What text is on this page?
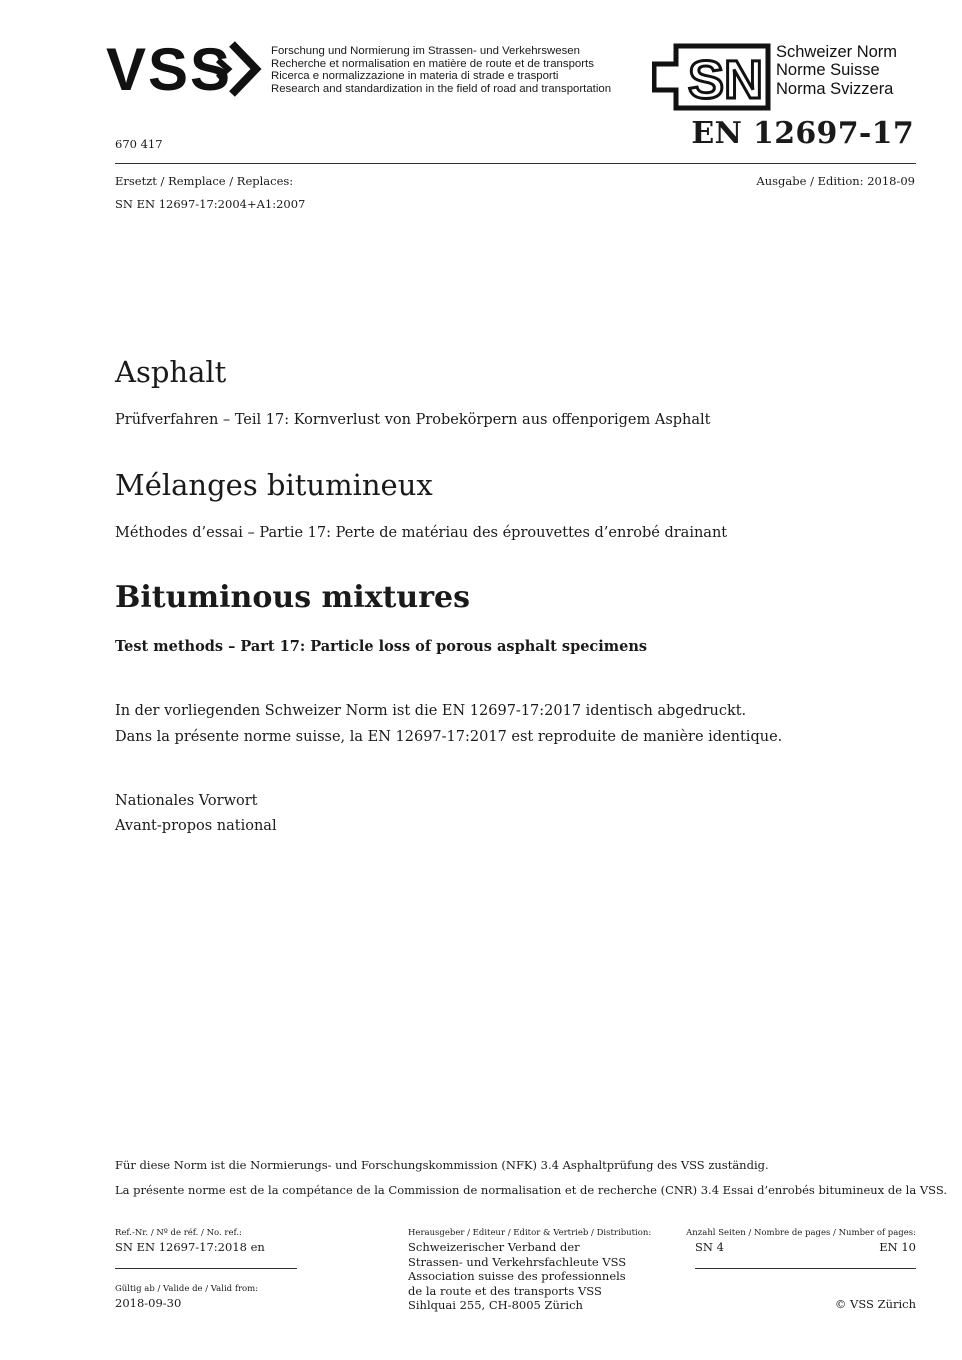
VSS	Forschung und Normierung im Strassen- und Verkehrswesen
Recherche et normalisation en matière de route et de transports
Ricerca e normalizzazione in materia di strade e trasporti
Research and standardization in the field of road and transportation SN Schweizer Norm
Norme Suisse
Norma Svizzera
670 417	EN 12697-17
Ersetzt / Remplace / Replaces:
SN EN 12697-17:2004+A1:2007
Ausgabe / Edition: 2018-09
Asphalt
Prüfverfahren – Teil 17: Kornverlust von Probekörpern aus offenporigem Asphalt
Mélanges bitumineux
Méthodes d’essai – Partie 17: Perte de matériau des éprouvettes d’enrobé drainant
Bituminous mixtures
Test methods – Part 17: Particle loss of porous asphalt specimens
In der vorliegenden Schweizer Norm ist die EN 12697-17:2017 identisch abgedruckt.
Dans la présente norme suisse, la EN 12697-17:2017 est reproduite de manière identique.
Nationales Vorwort
Avant-propos national
Für diese Norm ist die Normierungs- und Forschungskommission (NFK) 3.4 Asphaltprüfung des VSS zuständig.
La présente norme est de la compétance de la Commission de normalisation et de recherche (CNR) 3.4 Essai d’enrobés bitumineux de la VSS.
Ref.-Nr. / Nº de réf. / No. ref.:
SN EN 12697-17:2018 en
Gültig ab / Valide de / Valid from:
2018-09-30
Herausgeber / Editeur / Editor & Vertrieb / Distribution:
Schweizerischer Verband der
Strassen- und Verkehrsfachleute VSS
Association suisse des professionnels
de la route et des transports VSS
Sihlquai 255, CH-8005 Zürich
Anzahl Seiten / Nombre de pages / Number of pages:
SN 4	EN 10
© VSS Zürich
